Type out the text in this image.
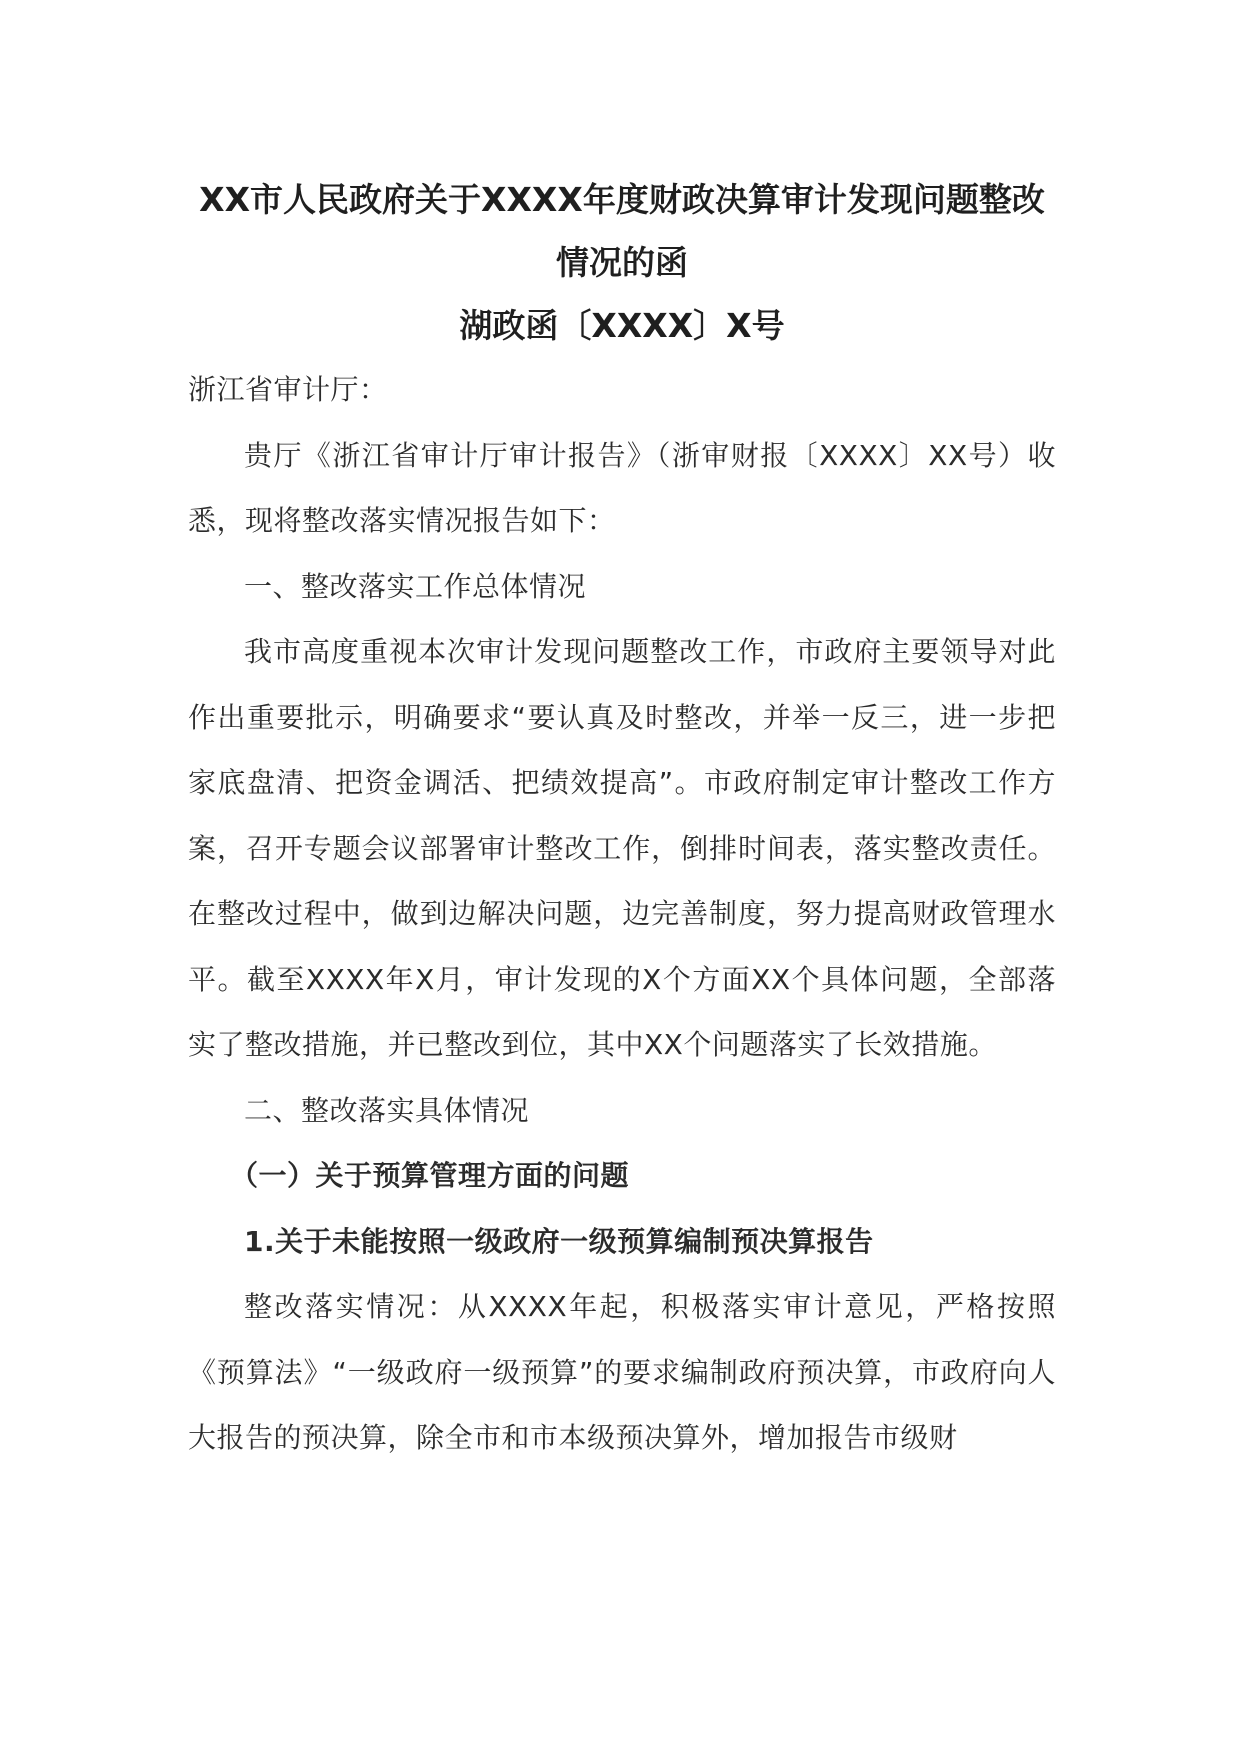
XX市人民政府关于XXXX年度财政决算审计发现问题整改情况的函

湖政函〔XXXX〕X号

浙江省审计厅：

贵厅《浙江省审计厅审计报告》（浙审财报〔XXXX〕XX号）收悉，现将整改落实情况报告如下：

一、整改落实工作总体情况

我市高度重视本次审计发现问题整改工作，市政府主要领导对此作出重要批示，明确要求“要认真及时整改，并举一反三，进一步把家底盘清、把资金调活、把绩效提高”。市政府制定审计整改工作方案，召开专题会议部署审计整改工作，倒排时间表，落实整改责任。在整改过程中，做到边解决问题，边完善制度，努力提高财政管理水平。截至XXXX年X月，审计发现的X个方面XX个具体问题，全部落实了整改措施，并已整改到位，其中XX个问题落实了长效措施。

二、整改落实具体情况

（一）关于预算管理方面的问题

1.关于未能按照一级政府一级预算编制预决算报告

整改落实情况：从XXXX年起，积极落实审计意见，严格按照《预算法》“一级政府一级预算”的要求编制政府预决算，市政府向人大报告的预决算，除全市和市本级预决算外，增加报告市级财
